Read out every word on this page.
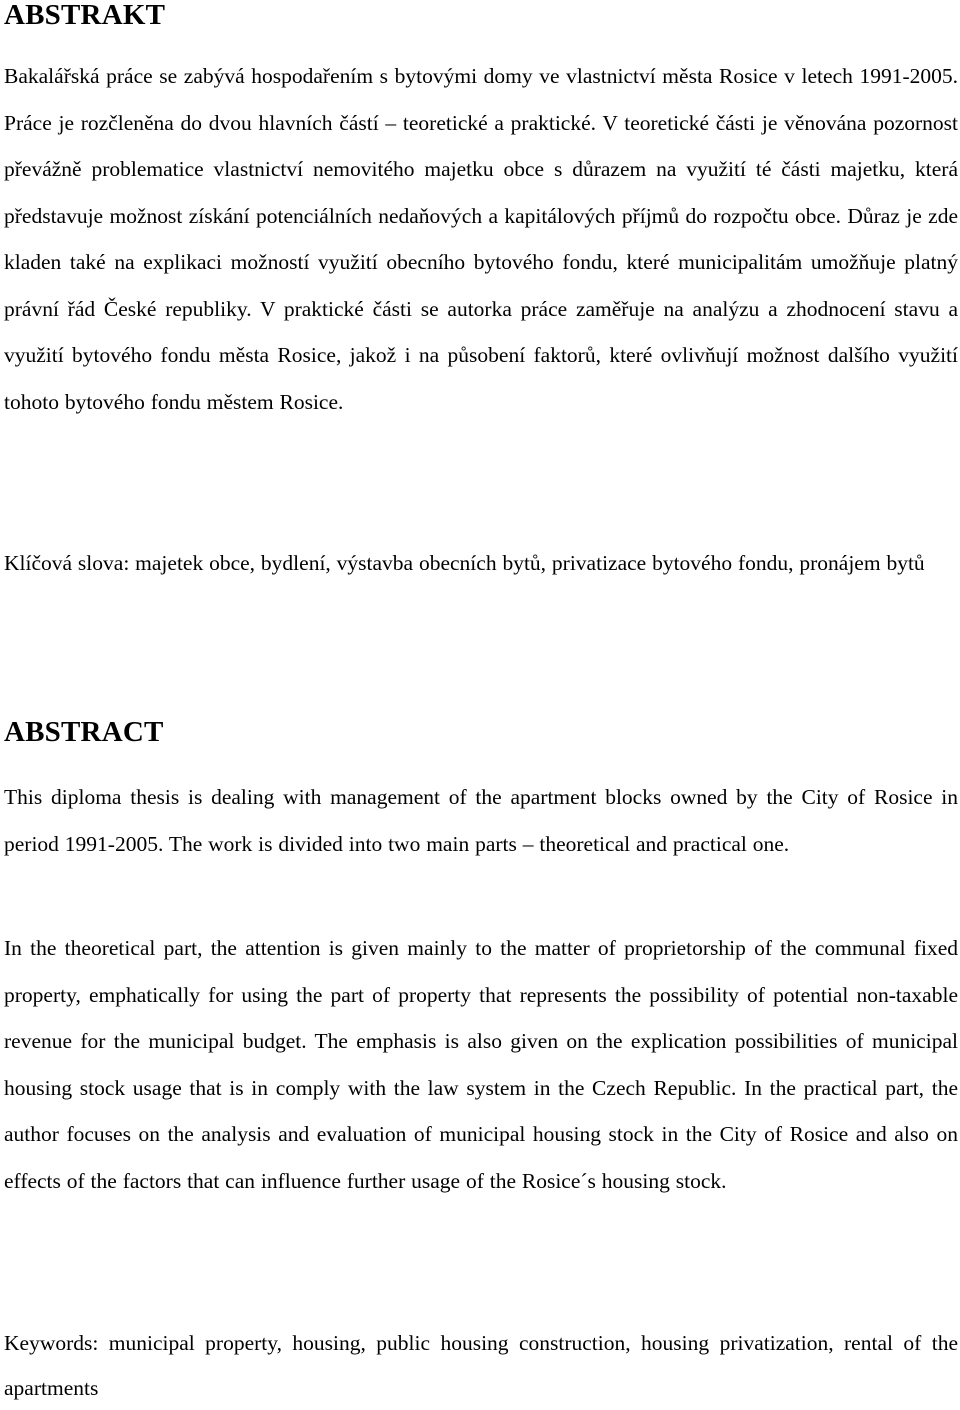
ABSTRAKT

Bakalářská práce se zabývá hospodařením s bytovými domy ve vlastnictví města Rosice v letech 1991-2005. Práce je rozčleněna do dvou hlavních částí – teoretické a praktické. V teoretické části je věnována pozornost převážně problematice vlastnictví nemovitého majetku obce s důrazem na využití té části majetku, která představuje možnost získání potenciálních nedaňových a kapitálových příjmů do rozpočtu obce. Důraz je zde kladen také na explikaci možností využití obecního bytového fondu, které municipalitám umožňuje platný právní řád České republiky. V praktické části se autorka práce zaměřuje na analýzu a zhodnocení stavu a využití bytového fondu města Rosice, jakož i na působení faktorů, které ovlivňují možnost dalšího využití tohoto bytového fondu městem Rosice.

Klíčová slova: majetek obce, bydlení, výstavba obecních bytů, privatizace bytového fondu, pronájem bytů

ABSTRACT

This diploma thesis is dealing with management of the apartment blocks owned by the City of Rosice in period 1991-2005. The work is divided into two main parts – theoretical and practical one.

In the theoretical part, the attention is given mainly to the matter of proprietorship of the communal fixed property, emphatically for using the part of property that represents the possibility of potential non-taxable revenue for the municipal budget. The emphasis is also given on the explication possibilities of municipal housing stock usage that is in comply with the law system in the Czech Republic. In the practical part, the author focuses on the analysis and evaluation of municipal housing stock in the City of Rosice and also on effects of the factors that can influence further usage of the Rosice´s housing stock.

Keywords: municipal property, housing, public housing construction, housing privatization, rental of the apartments
